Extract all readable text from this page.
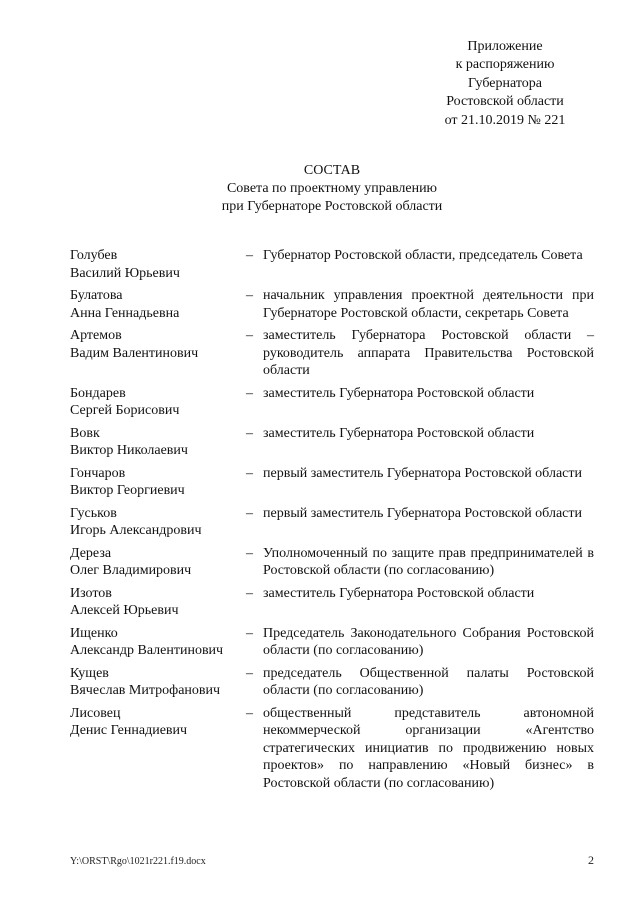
Приложение
к распоряжению
Губернатора
Ростовской области
от 21.10.2019 № 221
СОСТАВ
Совета по проектному управлению
при Губернаторе Ростовской области
Голубев
Василий Юрьевич
– Губернатор Ростовской области, председатель Совета
Булатова
Анна Геннадьевна
– начальник управления проектной деятельности при Губернаторе Ростовской области, секретарь Совета
Артемов
Вадим Валентинович
– заместитель Губернатора Ростовской области – руководитель аппарата Правительства Ростовской области
Бондарев
Сергей Борисович
– заместитель Губернатора Ростовской области
Вовк
Виктор Николаевич
– заместитель Губернатора Ростовской области
Гончаров
Виктор Георгиевич
– первый заместитель Губернатора Ростовской области
Гуськов
Игорь Александрович
– первый заместитель Губернатора Ростовской области
Дереза
Олег Владимирович
– Уполномоченный по защите прав предпринимателей в Ростовской области (по согласованию)
Изотов
Алексей Юрьевич
– заместитель Губернатора Ростовской области
Ищенко
Александр Валентинович
– Председатель Законодательного Собрания Ростовской области (по согласованию)
Кущев
Вячеслав Митрофанович
– председатель Общественной палаты Ростовской области (по согласованию)
Лисовец
Денис Геннадиевич
– общественный представитель автономной некоммерческой организации «Агентство стратегических инициатив по продвижению новых проектов» по направлению «Новый бизнес» в Ростовской области (по согласованию)
Y:\ORST\Rgo\1021r221.f19.docx	2
